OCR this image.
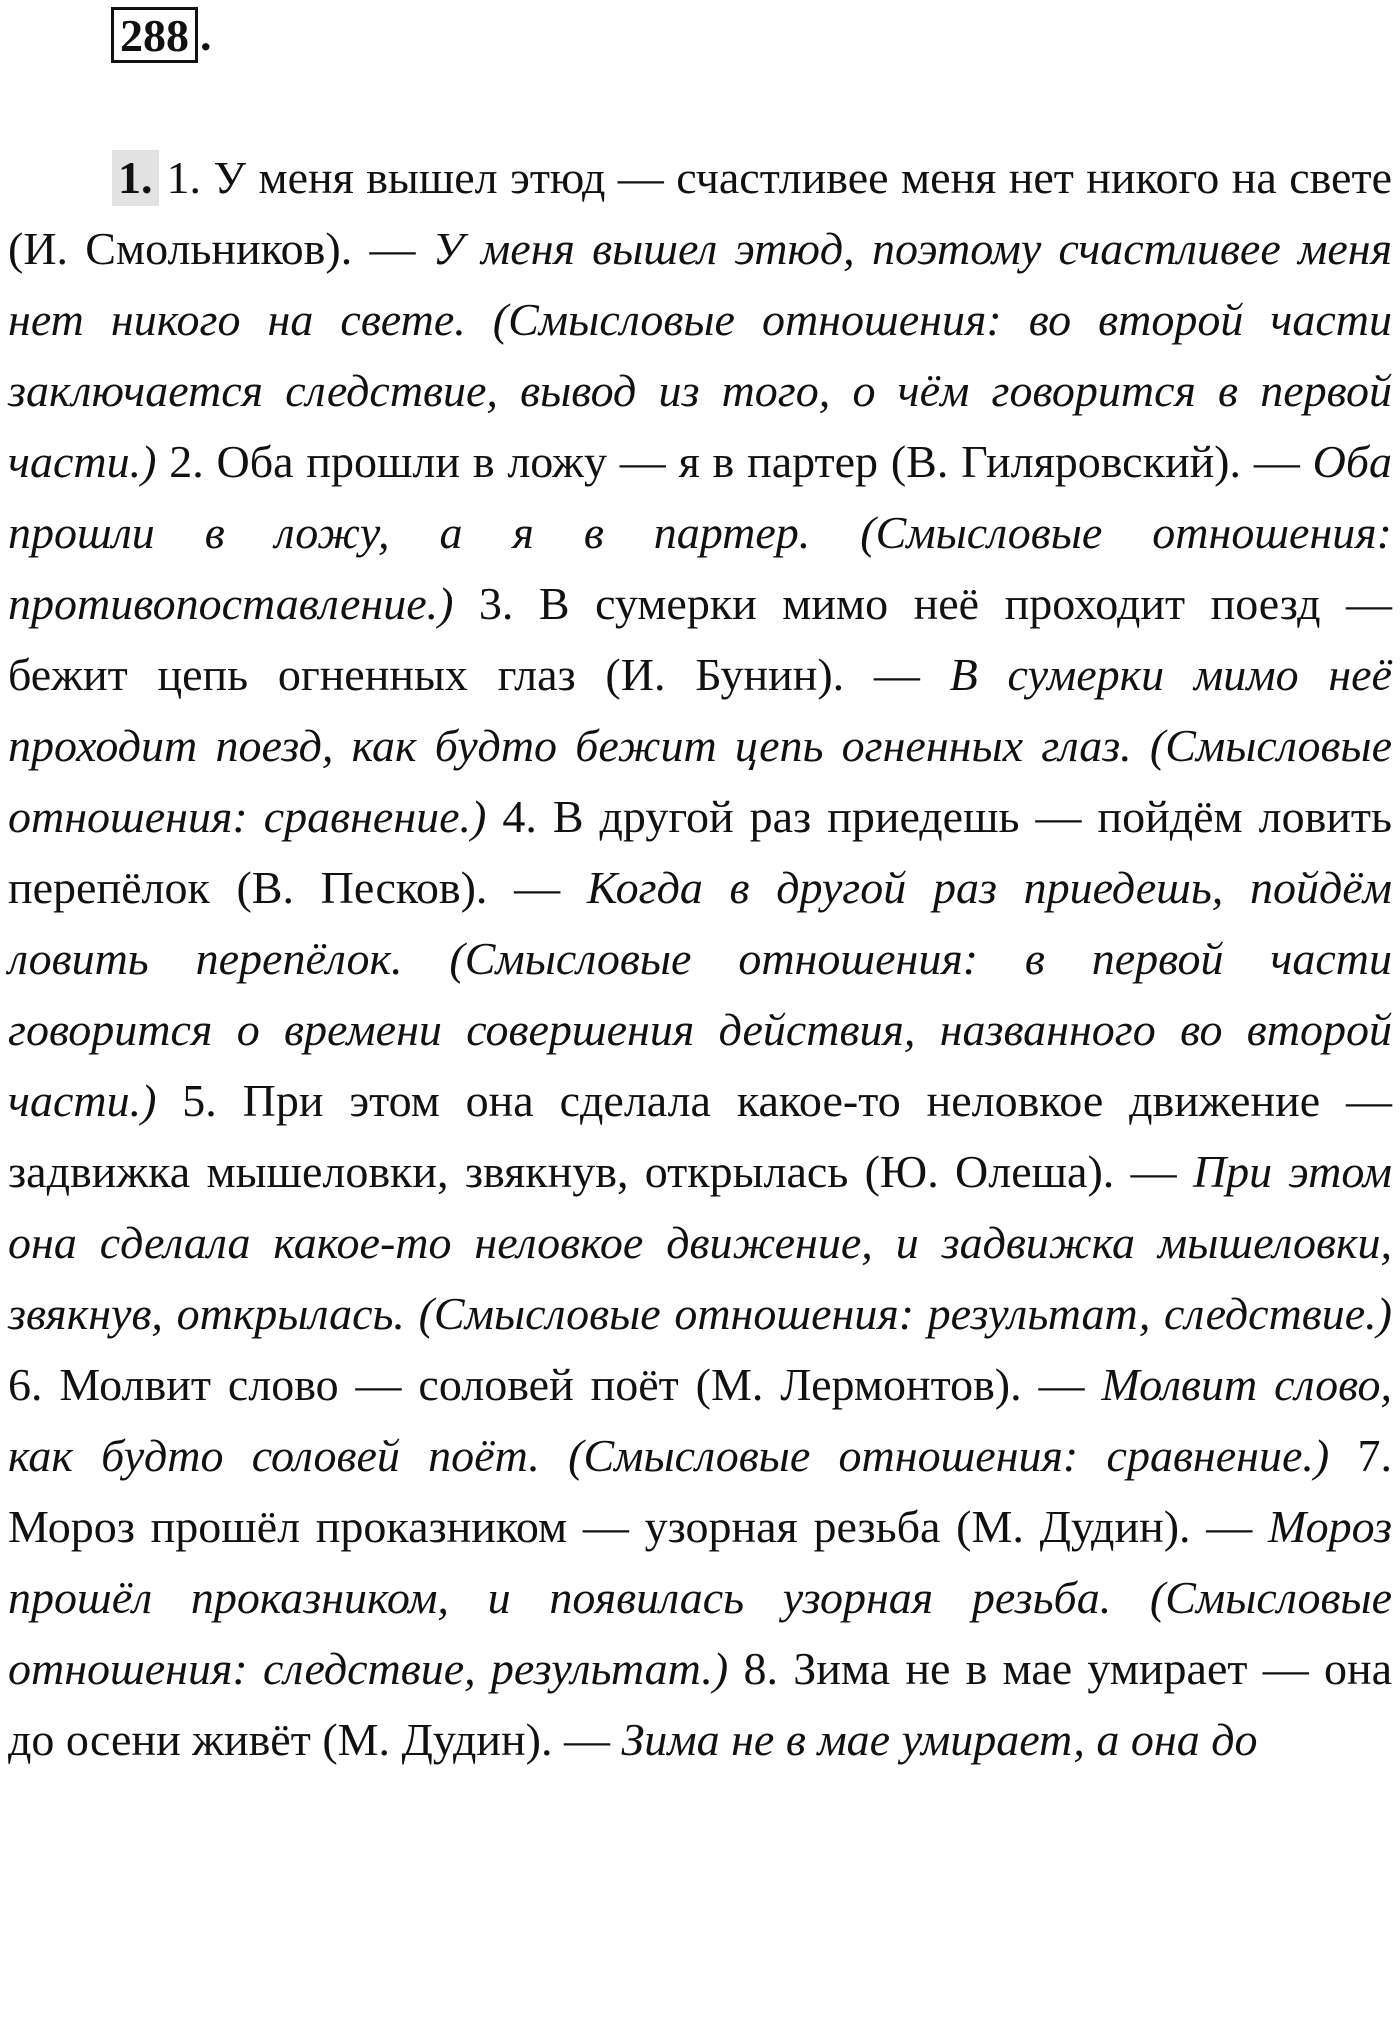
288 .
1. 1. У меня вышел этюд — счастливее меня нет никого на свете (И. Смольников). — У меня вышел этюд, поэтому счастливее меня нет никого на свете. (Смысловые отношения: во второй части заключается следствие, вывод из того, о чём говорится в первой части.) 2. Оба прошли в ложу — я в партер (В. Гиляровский). — Оба прошли в ложу, а я в партер. (Смысловые отношения: противопоставление.) 3. В сумерки мимо неё проходит поезд — бежит цепь огненных глаз (И. Бунин). — В сумерки мимо неё проходит поезд, как будто бежит цепь огненных глаз. (Смысловые отношения: сравнение.) 4. В другой раз приедешь — пойдём ловить перепёлок (В. Песков). — Когда в другой раз приедешь, пойдём ловить перепёлок. (Смысловые отношения: в первой части говорится о времени совершения действия, названного во второй части.) 5. При этом она сделала какое-то неловкое движение — задвижка мышеловки, звякнув, открылась (Ю. Олеша). — При этом она сделала какое-то неловкое движение, и задвижка мышеловки, звякнув, открылась. (Смысловые отношения: результат, следствие.) 6. Молвит слово — соловей поёт (М. Лермонтов). — Молвит слово, как будто соловей поёт. (Смысловые отношения: сравнение.) 7. Мороз прошёл проказником — узорная резьба (М. Дудин). — Мороз прошёл проказником, и появилась узорная резьба. (Смысловые отношения: следствие, результат.) 8. Зима не в мае умирает — она до осени живёт (М. Дудин). — Зима не в мае умирает, а она до
